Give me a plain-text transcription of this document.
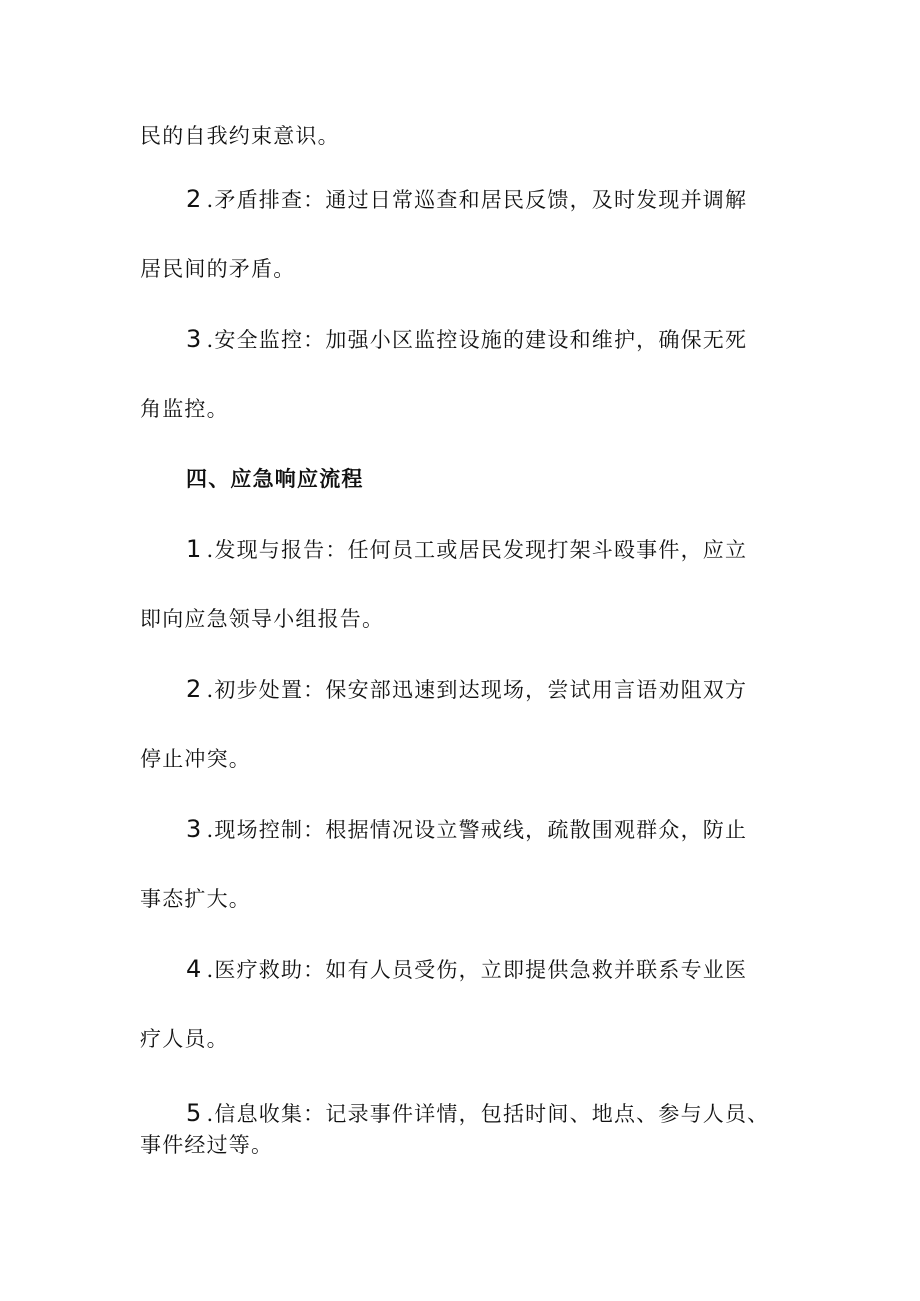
民的自我约束意识。
2 .矛盾排查：通过日常巡查和居民反馈，及时发现并调解
居民间的矛盾。
3 .安全监控：加强小区监控设施的建设和维护，确保无死
角监控。
四、应急响应流程
1 .发现与报告：任何员工或居民发现打架斗殴事件，应立
即向应急领导小组报告。
2 .初步处置：保安部迅速到达现场，尝试用言语劝阻双方
停止冲突。
3 .现场控制：根据情况设立警戒线，疏散围观群众，防止
事态扩大。
4 .医疗救助：如有人员受伤，立即提供急救并联系专业医
疗人员。
5 .信息收集：记录事件详情，包括时间、地点、参与人员、
事件经过等。
